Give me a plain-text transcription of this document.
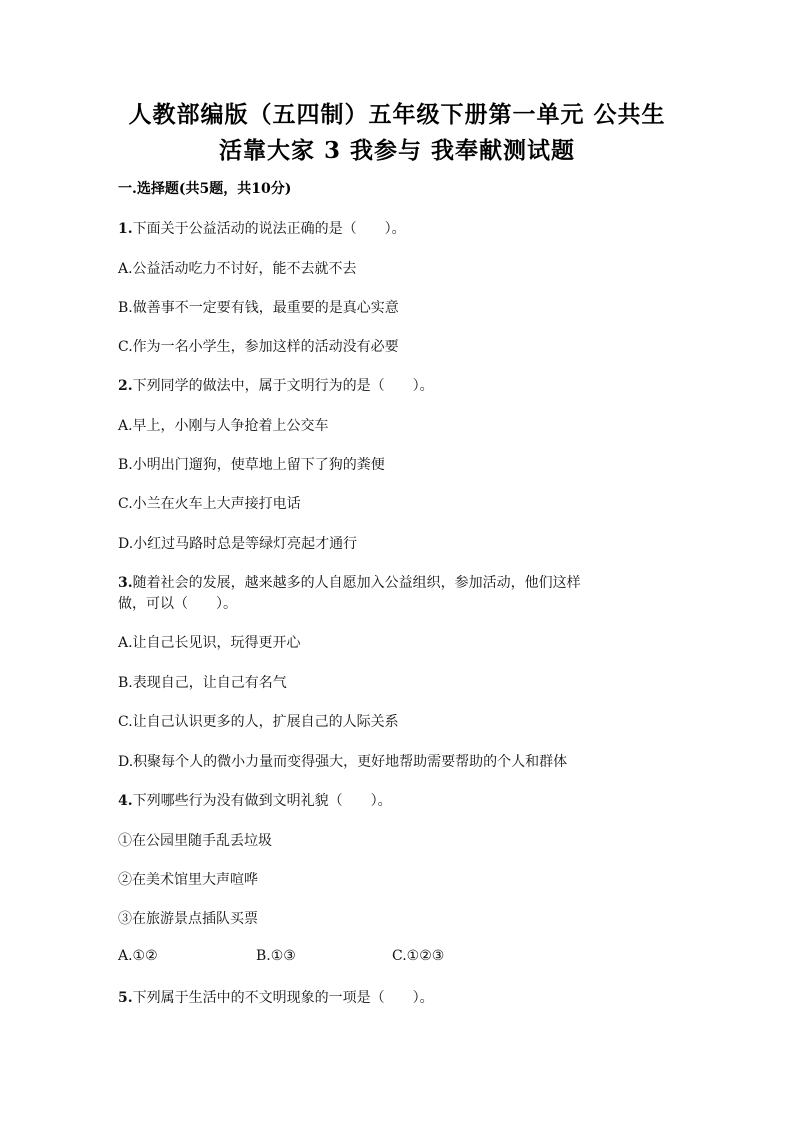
人教部编版（五四制）五年级下册第一单元 公共生
活靠大家 3 我参与 我奉献测试题
一.选择题(共5题，共10分)
1.下面关于公益活动的说法正确的是（　　）。
A.公益活动吃力不讨好，能不去就不去
B.做善事不一定要有钱，最重要的是真心实意
C.作为一名小学生，参加这样的活动没有必要
2.下列同学的做法中，属于文明行为的是（　　）。
A.早上，小刚与人争抢着上公交车
B.小明出门遛狗，使草地上留下了狗的粪便
C.小兰在火车上大声接打电话
D.小红过马路时总是等绿灯亮起才通行
3.随着社会的发展，越来越多的人自愿加入公益组织，参加活动，他们这样
做，可以（　　）。
A.让自己长见识，玩得更开心
B.表现自己，让自己有名气
C.让自己认识更多的人，扩展自己的人际关系
D.积聚每个人的微小力量而变得强大，更好地帮助需要帮助的个人和群体
4.下列哪些行为没有做到文明礼貌（　　）。
①在公园里随手乱丢垃圾
②在美术馆里大声喧哗
③在旅游景点插队买票
A.①②	B.①③	C.①②③
5.下列属于生活中的不文明现象的一项是（　　）。
